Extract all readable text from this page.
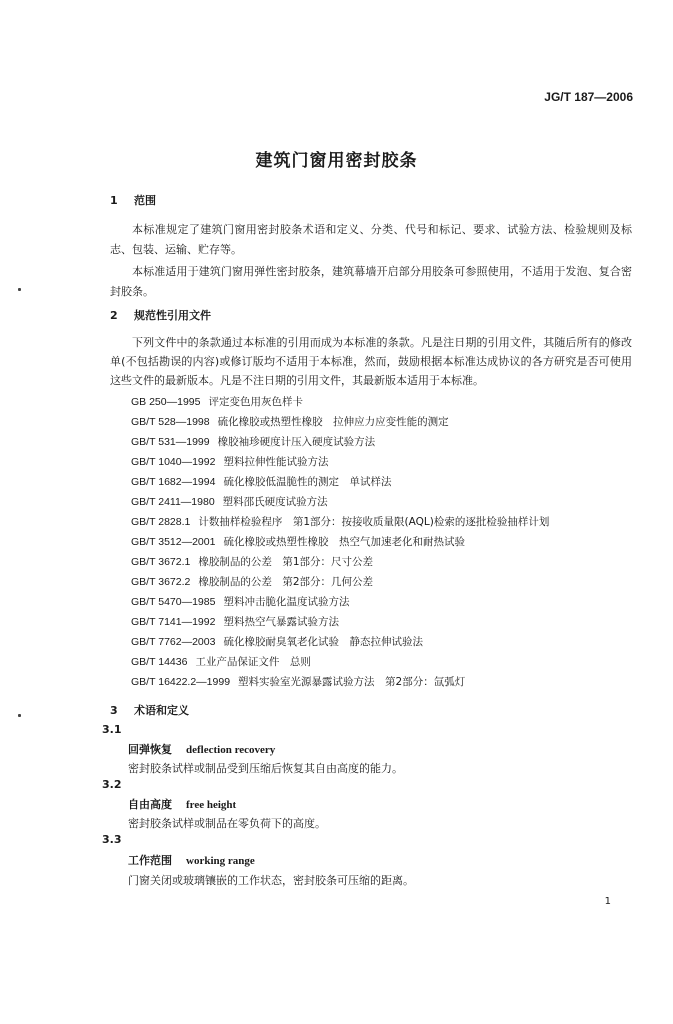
JG/T 187—2006
建筑门窗用密封胶条
1 范围
本标准规定了建筑门窗用密封胶条术语和定义、分类、代号和标记、要求、试验方法、检验规则及标志、包装、运输、贮存等。
本标准适用于建筑门窗用弹性密封胶条，建筑幕墙开启部分用胶条可参照使用，不适用于发泡、复合密封胶条。
2 规范性引用文件
下列文件中的条款通过本标准的引用而成为本标准的条款。凡是注日期的引用文件，其随后所有的修改单(不包括勘误的内容)或修订版均不适用于本标准，然而，鼓励根据本标准达成协议的各方研究是否可使用这些文件的最新版本。凡是不注日期的引用文件，其最新版本适用于本标准。
GB 250—1995 评定变色用灰色样卡
GB/T 528—1998 硫化橡胶或热塑性橡胶　拉伸应力应变性能的测定
GB/T 531—1999 橡胶袖珍硬度计压入硬度试验方法
GB/T 1040—1992 塑料拉伸性能试验方法
GB/T 1682—1994 硫化橡胶低温脆性的测定　单试样法
GB/T 2411—1980 塑料邵氏硬度试验方法
GB/T 2828.1 计数抽样检验程序　第1部分：按接收质量限(AQL)检索的逐批检验抽样计划
GB/T 3512—2001 硫化橡胶或热塑性橡胶　热空气加速老化和耐热试验
GB/T 3672.1 橡胶制品的公差　第1部分：尺寸公差
GB/T 3672.2 橡胶制品的公差　第2部分：几何公差
GB/T 5470—1985 塑料冲击脆化温度试验方法
GB/T 7141—1992 塑料热空气暴露试验方法
GB/T 7762—2003 硫化橡胶耐臭氧老化试验　静态拉伸试验法
GB/T 14436 工业产品保证文件　总则
GB/T 16422.2—1999 塑料实验室光源暴露试验方法　第2部分：氙弧灯
3 术语和定义
3.1
回弹恢复 deflection recovery
密封胶条试样或制品受到压缩后恢复其自由高度的能力。
3.2
自由高度 free height
密封胶条试样或制品在零负荷下的高度。
3.3
工作范围 working range
门窗关闭或玻璃镶嵌的工作状态，密封胶条可压缩的距离。
1
